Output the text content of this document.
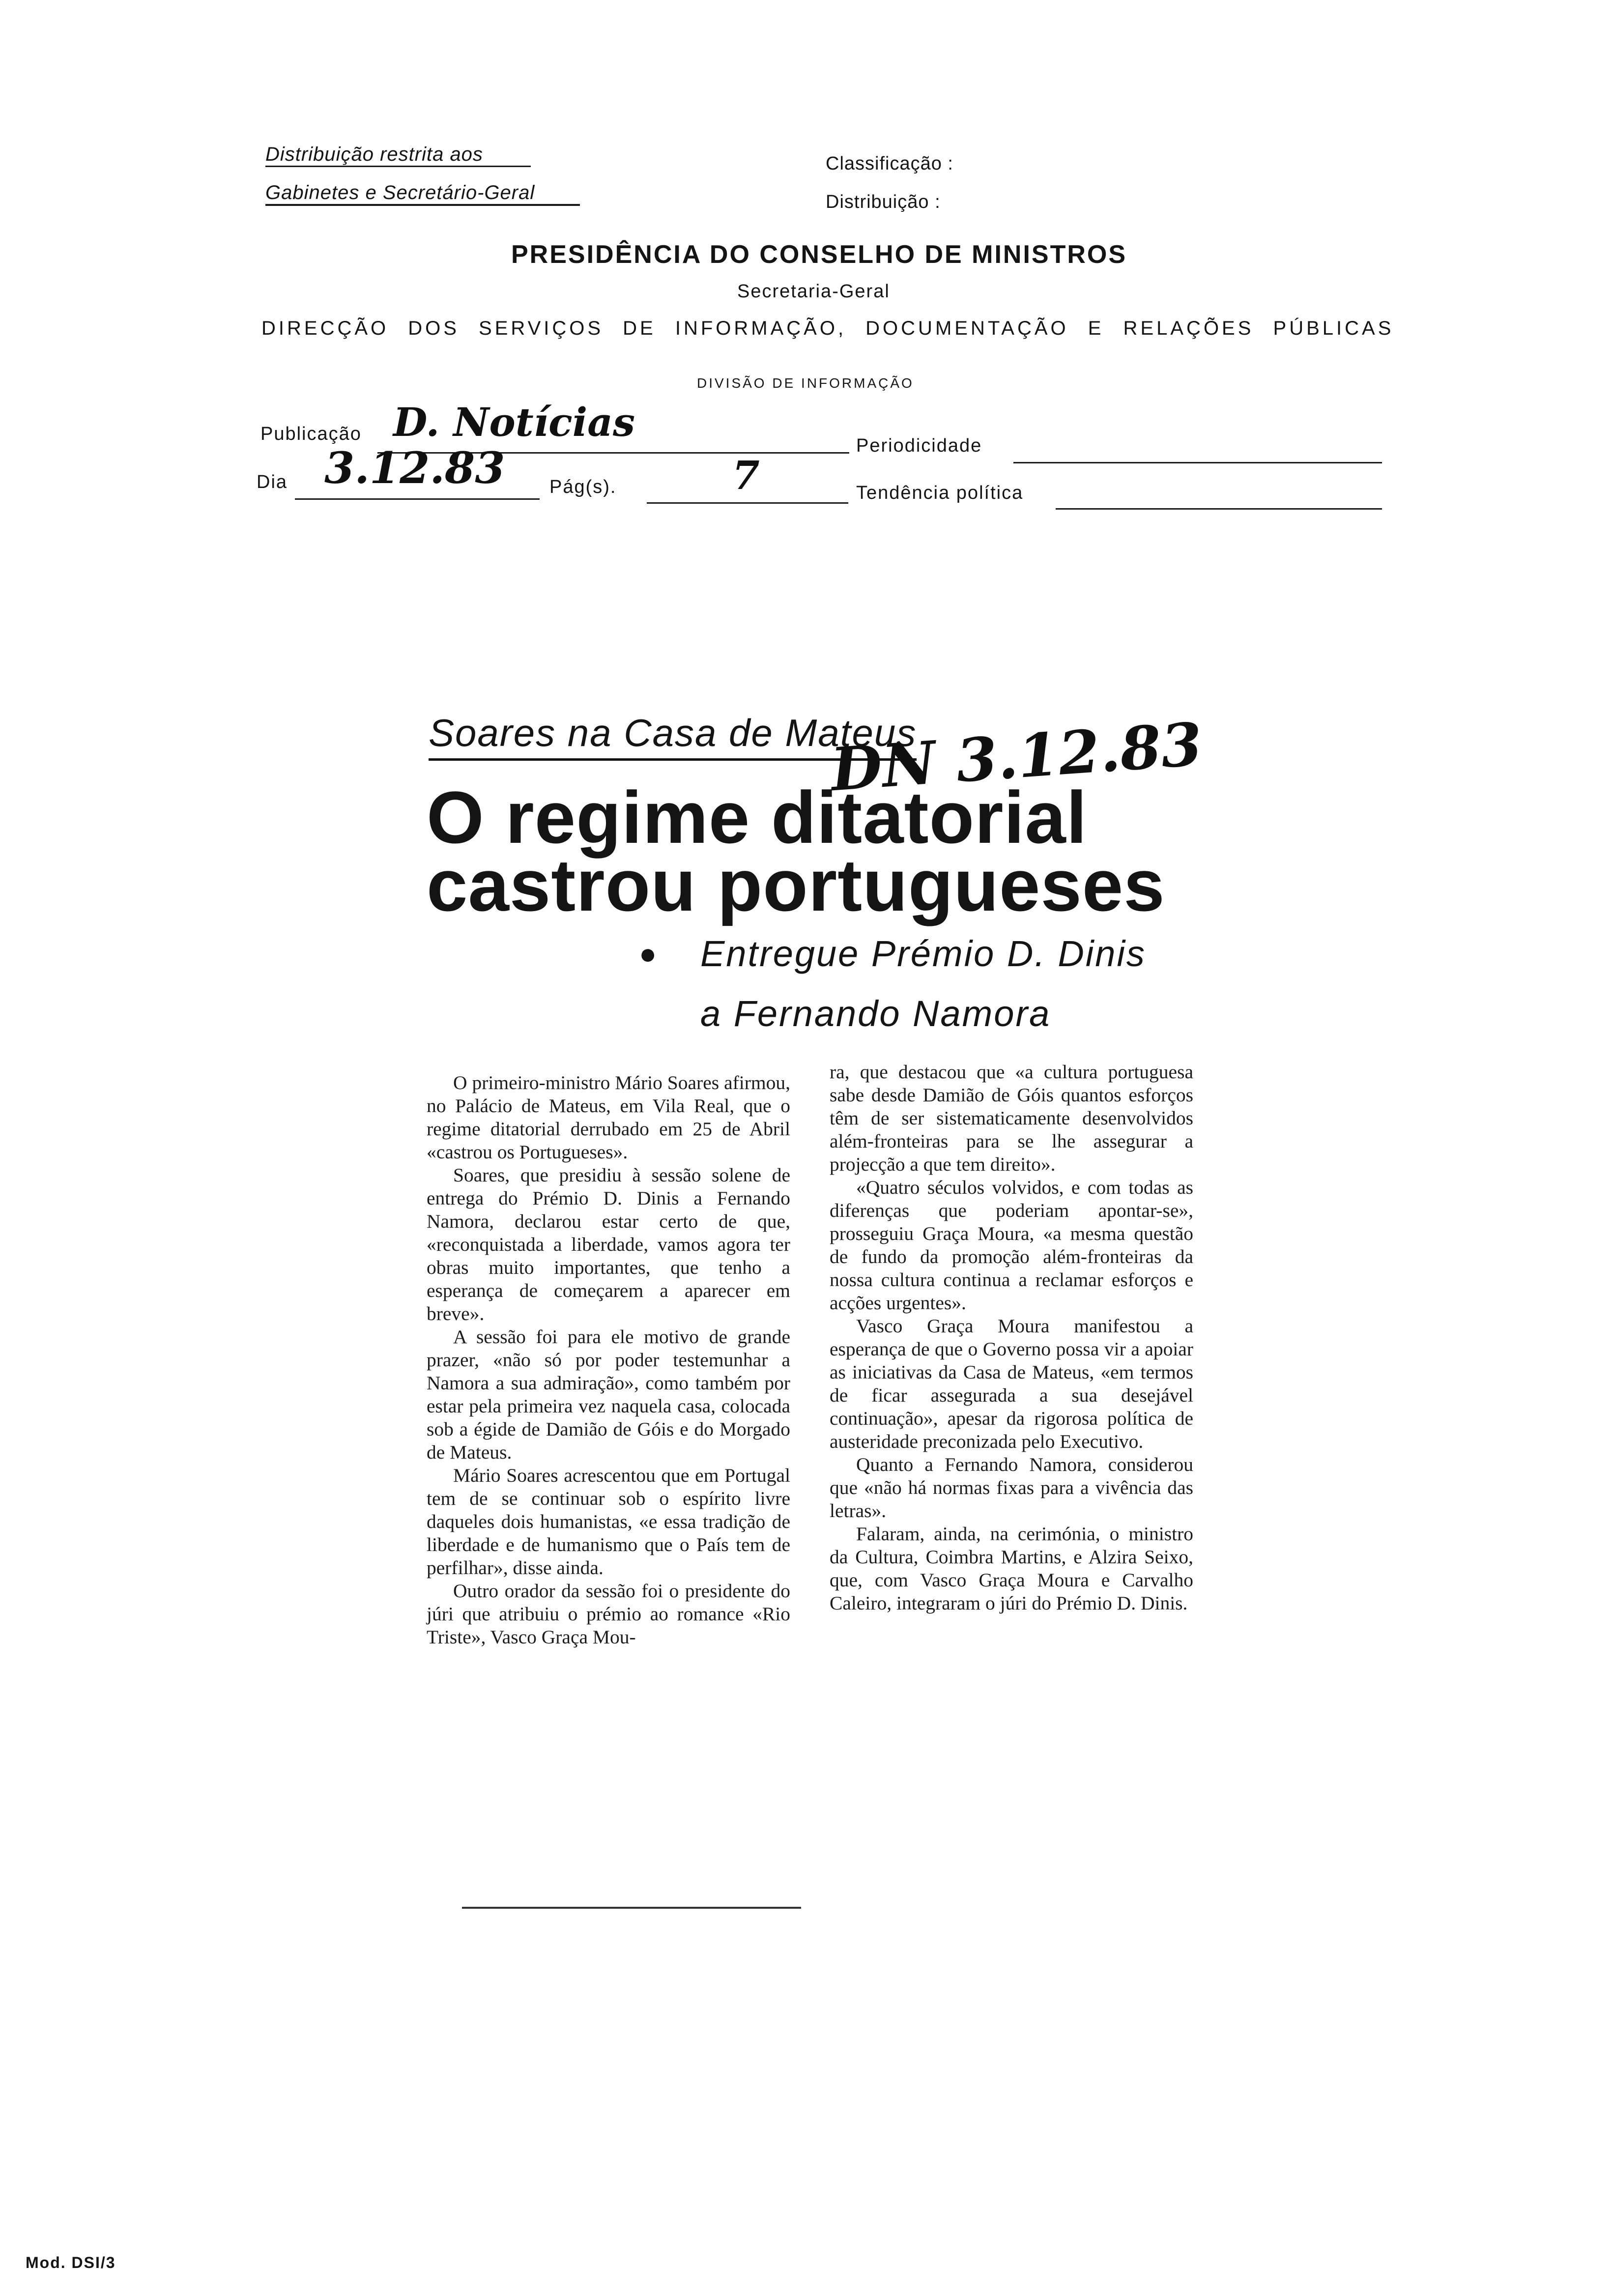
Distribuição restrita aos
Gabinetes e Secretário-Geral
Classificação :
Distribuição :
PRESIDÊNCIA DO CONSELHO DE MINISTROS
Secretaria-Geral
DIRECÇÃO DOS SERVIÇOS DE INFORMAÇÃO, DOCUMENTAÇÃO E RELAÇÕES PÚBLICAS
DIVISÃO DE INFORMAÇÃO
Publicação D. Notícias
Periodicidade
Dia 3.12.83 Pág(s).	7	Tendência política
Soares na Casa de Mateus
DN 3.12.83
O regime ditatorial
castrou portugueses
● Entregue Prémio D. Dinis
a Fernando Namora

O primeiro-ministro Mário Soares afirmou, no Palácio de Mateus, em Vila Real, que o regime ditatorial derrubado em 25 de Abril «castrou os Portugueses».

Soares, que presidiu à sessão solene de entrega do Prémio D. Dinis a Fernando Namora, declarou estar certo de que, «reconquistada a liberdade, vamos agora ter obras muito importantes, que tenho a esperança de começarem a aparecer em breve».

A sessão foi para ele motivo de grande prazer, «não só por poder testemunhar a Namora a sua admiração», como também por estar pela primeira vez naquela casa, colocada sob a égide de Damião de Góis e do Morgado de Mateus.

Mário Soares acrescentou que em Portugal tem de se continuar sob o espírito livre daqueles dois humanistas, «e essa tradição de liberdade e de humanismo que o País tem de perfilhar», disse ainda.

Outro orador da sessão foi o presidente do júri que atribuiu o prémio ao romance «Rio Triste», Vasco Graça Mou-

ra, que destacou que «a cultura portuguesa sabe desde Damião de Góis quantos esforços têm de ser sistematicamente desenvolvidos além-fronteiras para se lhe assegurar a projecção a que tem direito».

«Quatro séculos volvidos, e com todas as diferenças que poderiam apontar-se», prosseguiu Graça Moura, «a mesma questão de fundo da promoção além-fronteiras da nossa cultura continua a reclamar esforços e acções urgentes».

Vasco Graça Moura manifestou a esperança de que o Governo possa vir a apoiar as iniciativas da Casa de Mateus, «em termos de ficar assegurada a sua desejável continuação», apesar da rigorosa política de austeridade preconizada pelo Executivo.

Quanto a Fernando Namora, considerou que «não há normas fixas para a vivência das letras».

Falaram, ainda, na cerimónia, o ministro da Cultura, Coimbra Martins, e Alzira Seixo, que, com Vasco Graça Moura e Carvalho Caleiro, integraram o júri do Prémio D. Dinis.

Mod. DSI/3
